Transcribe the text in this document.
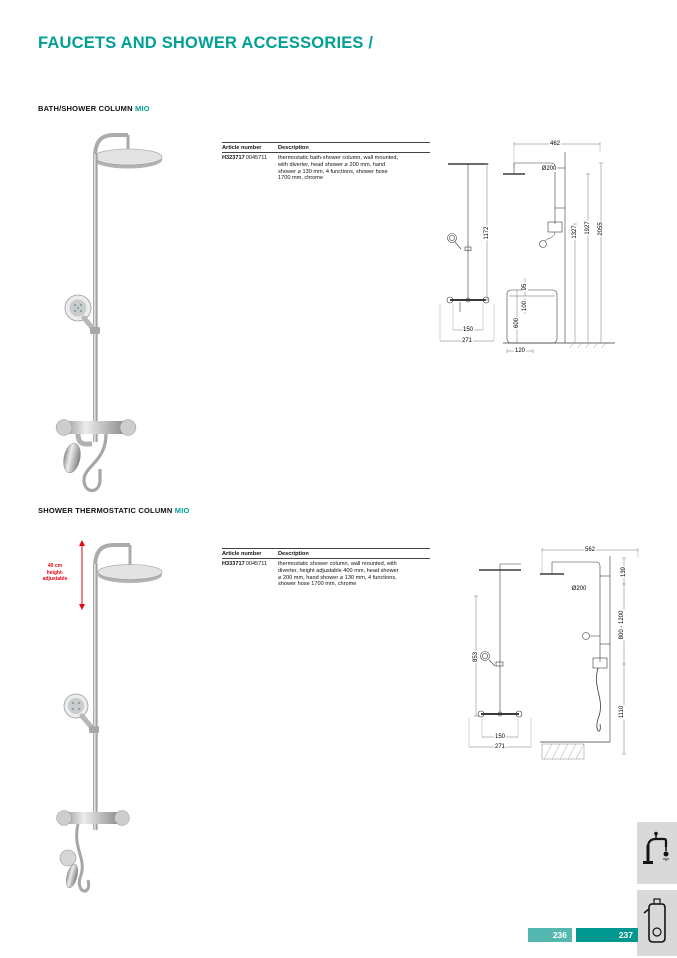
FAUCETS AND SHOWER ACCESSORIES /
BATH/SHOWER COLUMN MIO
Article number	Description
H3237170045711	thermostatic bath-shower column, wall mounted,
with diverter, head shower ⌀ 200 mm, hand
shower ⌀ 130 mm, 4 functions, shower hose
1700 mm, chrome
1172
150
271
462
Ø200
1327 1927 2055
95
100
600
120
SHOWER THERMOSTATIC COLUMN MIO
40 cm
height-
adjustable
Article number	Description
H3337170045711	thermostatic shower column, wall mounted, with
diverter, height adjustable 400 mm, head shower
⌀ 200 mm, hand shower ⌀ 130 mm, 4 functions,
shower hose 1700 mm, chrome
853
150
271
562
139
Ø200
800 - 1200
1110
236	237
